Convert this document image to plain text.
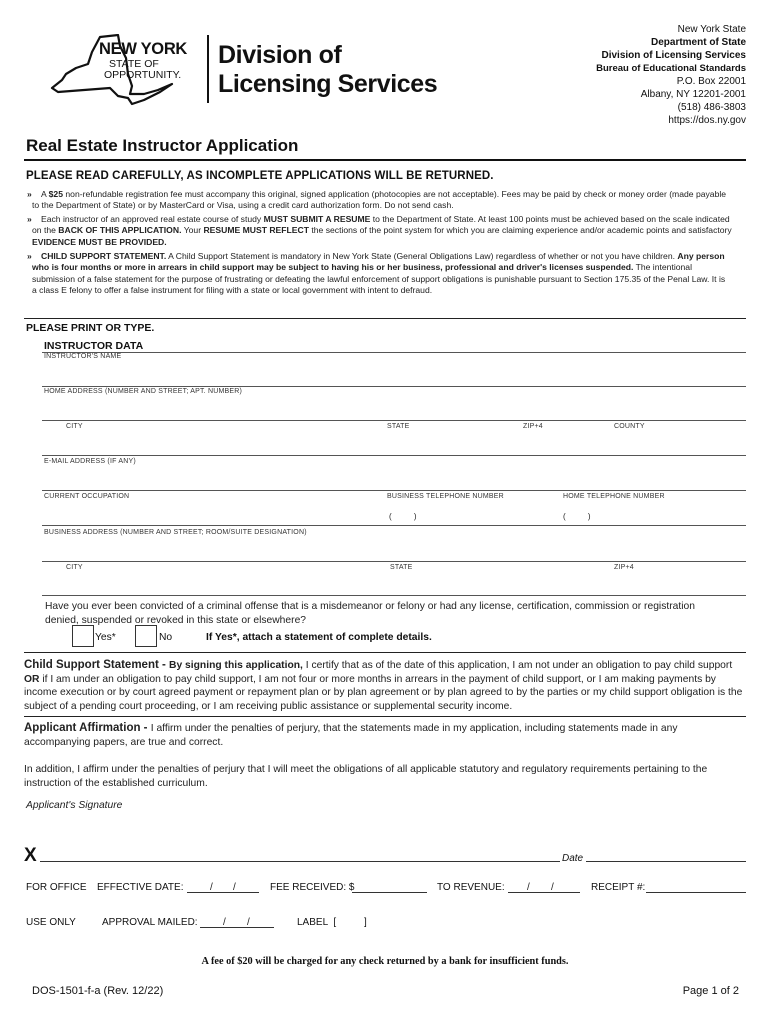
NEW YORK
STATE OF
OPPORTUNITY.
Division of
Licensing Services
New York State
Department of State
Division of Licensing Services
Bureau of Educational Standards
P.O. Box 22001
Albany, NY 12201-2001
(518) 486-3803
https://dos.ny.gov
Real Estate Instructor Application
PLEASE READ CAREFULLY, AS INCOMPLETE APPLICATIONS WILL BE RETURNED.
» A $25 non-refundable registration fee must accompany this original, signed application (photocopies are not acceptable). Fees may be paid by check or money order (made payable to the Department of State) or by MasterCard or Visa, using a credit card authorization form. Do not send cash.
» Each instructor of an approved real estate course of study MUST SUBMIT A RESUME to the Department of State. At least 100 points must be achieved based on the scale indicated on the BACK OF THIS APPLICATION. Your RESUME MUST REFLECT the sections of the point system for which you are claiming experience and/or academic points and satisfactory EVIDENCE MUST BE PROVIDED.
» CHILD SUPPORT STATEMENT. A Child Support Statement is mandatory in New York State (General Obligations Law) regardless of whether or not you have children. Any person who is four months or more in arrears in child support may be subject to having his or her business, professional and driver's licenses suspended. The intentional submission of a false statement for the purpose of frustrating or defeating the lawful enforcement of support obligations is punishable pursuant to Section 175.35 of the Penal Law. It is a class E felony to offer a false instrument for filing with a state or local government with intent to defraud.
PLEASE PRINT OR TYPE.
INSTRUCTOR DATA
INSTRUCTOR'S NAME
HOME ADDRESS (NUMBER AND STREET; APT. NUMBER)
CITY	STATE	ZIP+4	COUNTY
E-MAIL ADDRESS (IF ANY)
CURRENT OCCUPATION	BUSINESS TELEPHONE NUMBER	HOME TELEPHONE NUMBER
(          )	(          )
BUSINESS ADDRESS (NUMBER AND STREET; ROOM/SUITE DESIGNATION)
CITY	STATE	ZIP+4
Have you ever been convicted of a criminal offense that is a misdemeanor or felony or had any license, certification, commission or registration denied, suspended or revoked in this state or elsewhere?
Yes*	No	If Yes*, attach a statement of complete details.
Child Support Statement - By signing this application, I certify that as of the date of this application, I am not under an obligation to pay child support OR if I am under an obligation to pay child support, I am not four or more months in arrears in the payment of child support, or I am making payments by income execution or by court agreed payment or repayment plan or by plan agreement or by plan agreed to by the parties or my child support obligation is the subject of a pending court proceeding, or I am receiving public assistance or supplemental security income.
Applicant Affirmation - I affirm under the penalties of perjury, that the statements made in my application, including statements made in any accompanying papers, are true and correct.
In addition, I affirm under the penalties of perjury that I will meet the obligations of all applicable statutory and regulatory requirements pertaining to the instruction of the established curriculum.
Applicant's Signature
X	Date
FOR OFFICE EFFECTIVE DATE:	/ /	FEE RECEIVED: $	TO REVENUE: / /	RECEIPT #:
USE ONLY	APPROVAL MAILED:	/ /	LABEL  [	]
A fee of $20 will be charged for any check returned by a bank for insufficient funds.
DOS-1501-f-a (Rev. 12/22)	Page 1 of 2
